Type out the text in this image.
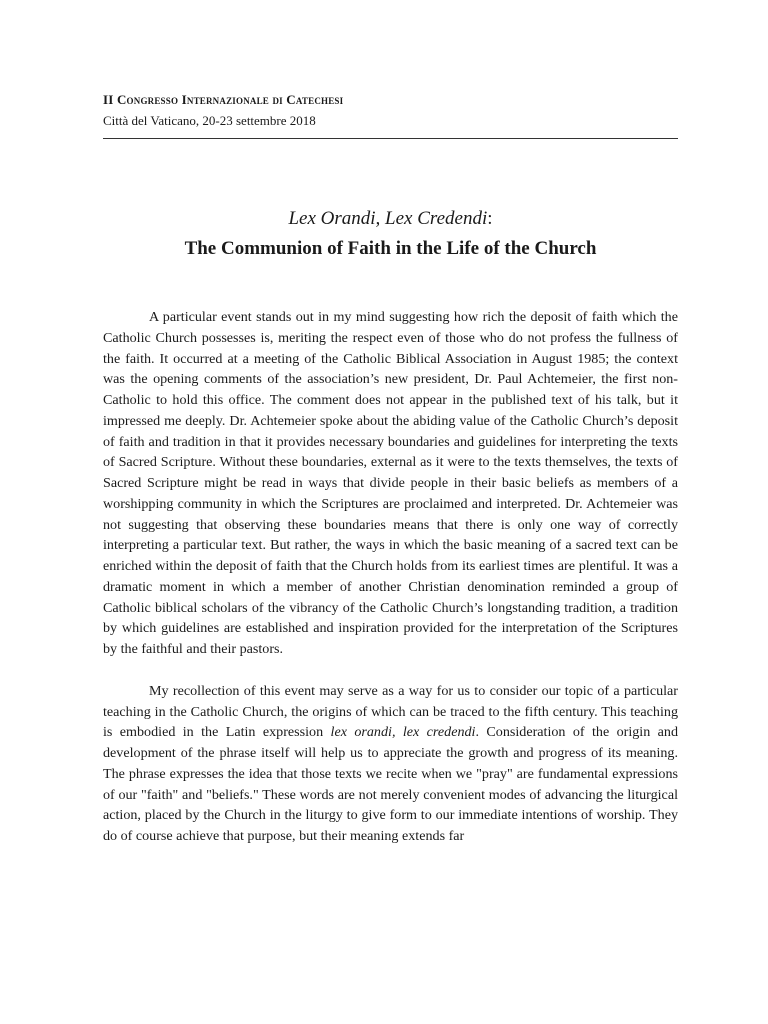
II Congresso Internazionale di Catechesi

Città del Vaticano, 20-23 settembre 2018

Lex Orandi, Lex Credendi:

The Communion of Faith in the Life of the Church

A particular event stands out in my mind suggesting how rich the deposit of faith which the Catholic Church possesses is, meriting the respect even of those who do not profess the fullness of the faith. It occurred at a meeting of the Catholic Biblical Association in August 1985; the context was the opening comments of the association’s new president, Dr. Paul Achtemeier, the first non-Catholic to hold this office. The comment does not appear in the published text of his talk, but it impressed me deeply. Dr. Achtemeier spoke about the abiding value of the Catholic Church’s deposit of faith and tradition in that it provides necessary boundaries and guidelines for interpreting the texts of Sacred Scripture. Without these boundaries, external as it were to the texts themselves, the texts of Sacred Scripture might be read in ways that divide people in their basic beliefs as members of a worshipping community in which the Scriptures are proclaimed and interpreted. Dr. Achtemeier was not suggesting that observing these boundaries means that there is only one way of correctly interpreting a particular text. But rather, the ways in which the basic meaning of a sacred text can be enriched within the deposit of faith that the Church holds from its earliest times are plentiful. It was a dramatic moment in which a member of another Christian denomination reminded a group of Catholic biblical scholars of the vibrancy of the Catholic Church’s longstanding tradition, a tradition by which guidelines are established and inspiration provided for the interpretation of the Scriptures by the faithful and their pastors.

My recollection of this event may serve as a way for us to consider our topic of a particular teaching in the Catholic Church, the origins of which can be traced to the fifth century. This teaching is embodied in the Latin expression lex orandi, lex credendi. Consideration of the origin and development of the phrase itself will help us to appreciate the growth and progress of its meaning. The phrase expresses the idea that those texts we recite when we "pray" are fundamental expressions of our "faith" and "beliefs." These words are not merely convenient modes of advancing the liturgical action, placed by the Church in the liturgy to give form to our immediate intentions of worship. They do of course achieve that purpose, but their meaning extends far
